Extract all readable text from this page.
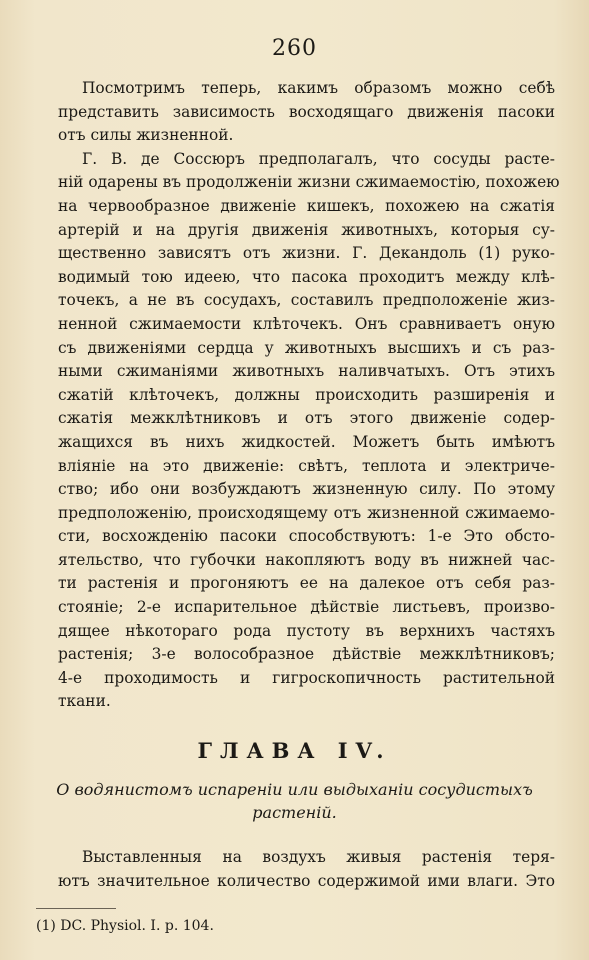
260
Посмотримъ теперь, какимъ образомъ можно себѣ
представить зависимость восходящаго движенія пасоки
отъ силы жизненной.
Г. В. де Соссюръ предполагалъ, что сосуды расте-
ній одарены въ продолженіи жизни сжимаемостію, похожею
на червообразное движеніе кишекъ, похожею на сжатія
артерій и на другія движенія животныхъ, которыя су-
щественно зависятъ отъ жизни. Г. Декандоль (1) руко-
водимый тою идеею, что пасока проходитъ между клѣ-
точекъ, а не въ сосудахъ, составилъ предположеніе жиз-
ненной сжимаемости клѣточекъ. Онъ сравниваетъ оную
съ движеніями сердца у животныхъ высшихъ и съ раз-
ными сжиманіями животныхъ наливчатыхъ. Отъ этихъ
сжатій клѣточекъ, должны происходить разширенія и
сжатія межклѣтниковъ и отъ этого движеніе содер-
жащихся въ нихъ жидкостей. Можетъ быть имѣютъ
вліяніе на это движеніе: свѣтъ, теплота и электриче-
ство; ибо они возбуждаютъ жизненную силу. По этому
предположенію, происходящему отъ жизненной сжимаемо-
сти, восхожденію пасоки способствуютъ: 1-е Это обсто-
ятельство, что губочки накопляютъ воду въ нижней час-
ти растенія и прогоняютъ ее на далекое отъ себя раз-
стояніе; 2-е испарительное дѣйствіе листьевъ, произво-
дящее нѣкотораго рода пустоту въ верхнихъ частяхъ
растенія; 3-е волособразное дѣйствіе межклѣтниковъ;
4-е проходимость и гигроскопичность растительной
ткани.
ГЛАВА IV.
О водянистомъ испареніи или выдыханіи сосудистыхъ растеній.
Выставленныя на воздухъ живыя растенія теря-
ютъ значительное количество содержимой ими влаги. Это
(1) DC. Physiol. I. p. 104.
